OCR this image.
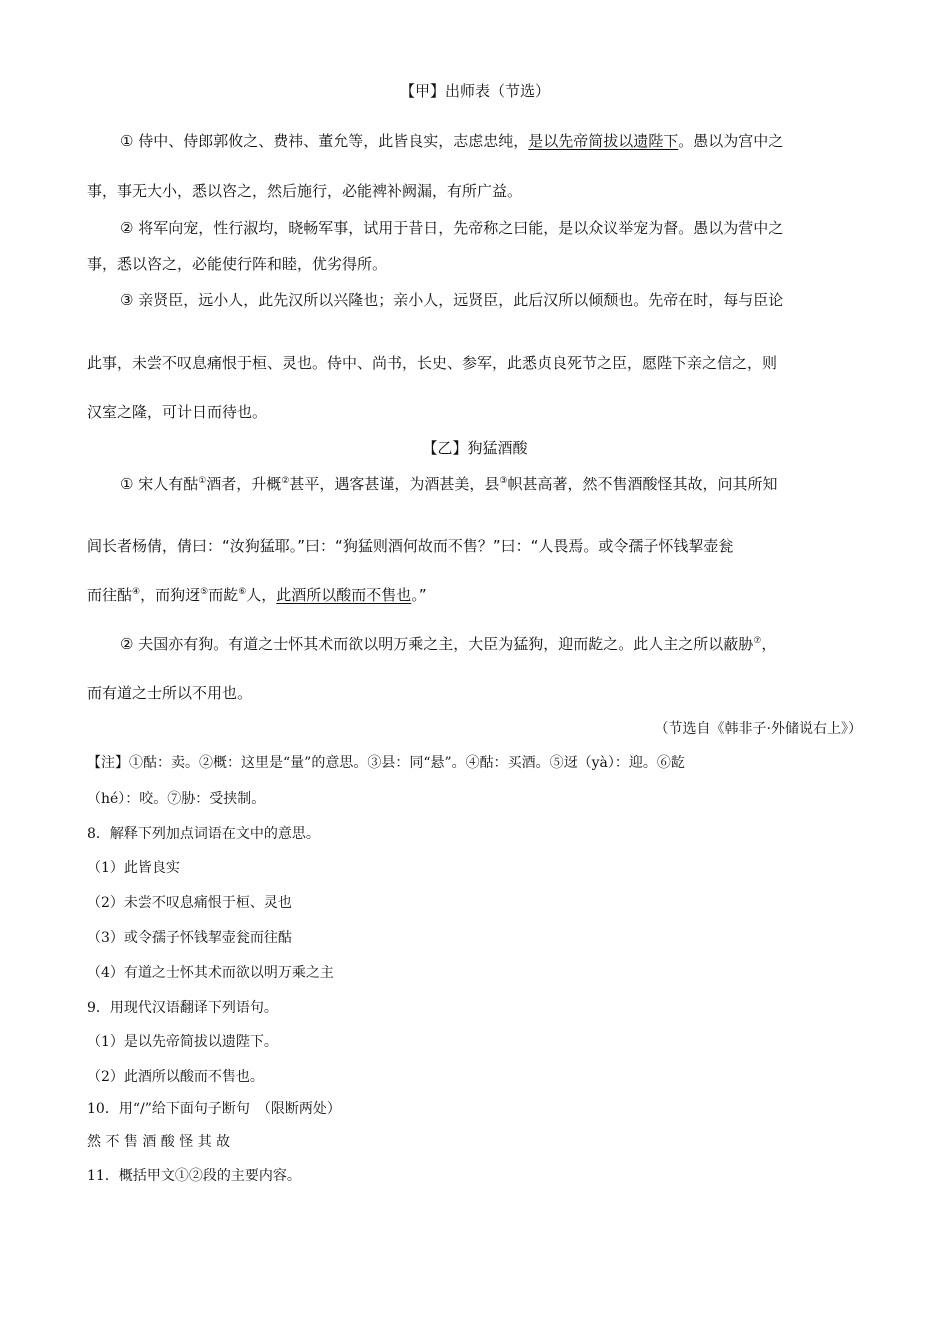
【甲】出师表（节选）
① 侍中、侍郎郭攸之、费祎、董允等，此皆良实，志虑忠纯，是以先帝简拔以遗陛下。愚以为宫中之
事，事无大小，悉以咨之，然后施行，必能裨补阙漏，有所广益。
② 将军向宠，性行淑均，晓畅军事，试用于昔日，先帝称之曰能，是以众议举宠为督。愚以为营中之
事，悉以咨之，必能使行阵和睦，优劣得所。
③ 亲贤臣，远小人，此先汉所以兴隆也；亲小人，远贤臣，此后汉所以倾颓也。先帝在时，每与臣论
此事，未尝不叹息痛恨于桓、灵也。侍中、尚书，长史、参军，此悉贞良死节之臣，愿陛下亲之信之，则
汉室之隆，可计日而待也。
【乙】狗猛酒酸
① 宋人有酤①酒者，升概②甚平，遇客甚谨，为酒甚美，县③帜甚高著，然不售酒酸怪其故，问其所知
闾长者杨倩，倩曰：“汝狗猛耶。”曰：“狗猛则酒何故而不售？”曰：“人畏焉。或令孺子怀钱挈壶瓮
而往酤④，而狗迓⑤而龁⑥人，此酒所以酸而不售也。”
② 夫国亦有狗。有道之士怀其术而欲以明万乘之主，大臣为猛狗，迎而龁之。此人主之所以蔽胁⑦，
而有道之士所以不用也。
（节选自《韩非子·外储说右上》）
【注】①酤：卖。②概：这里是“量”的意思。③县：同“悬”。④酤：买酒。⑤迓（yà）：迎。⑥龁
（hé）：咬。⑦胁：受挟制。
8．解释下列加点词语在文中的意思。
（1）此皆良实
（2）未尝不叹息痛恨于桓、灵也
（3）或令孺子怀钱挈壶瓮而往酤
（4）有道之士怀其术而欲以明万乘之主
9．用现代汉语翻译下列语句。
（1）是以先帝简拔以遗陛下。
（2）此酒所以酸而不售也。
10．用“/”给下面句子断句　（限断两处）
然 不 售 酒 酸 怪 其 故
11．概括甲文①②段的主要内容。
